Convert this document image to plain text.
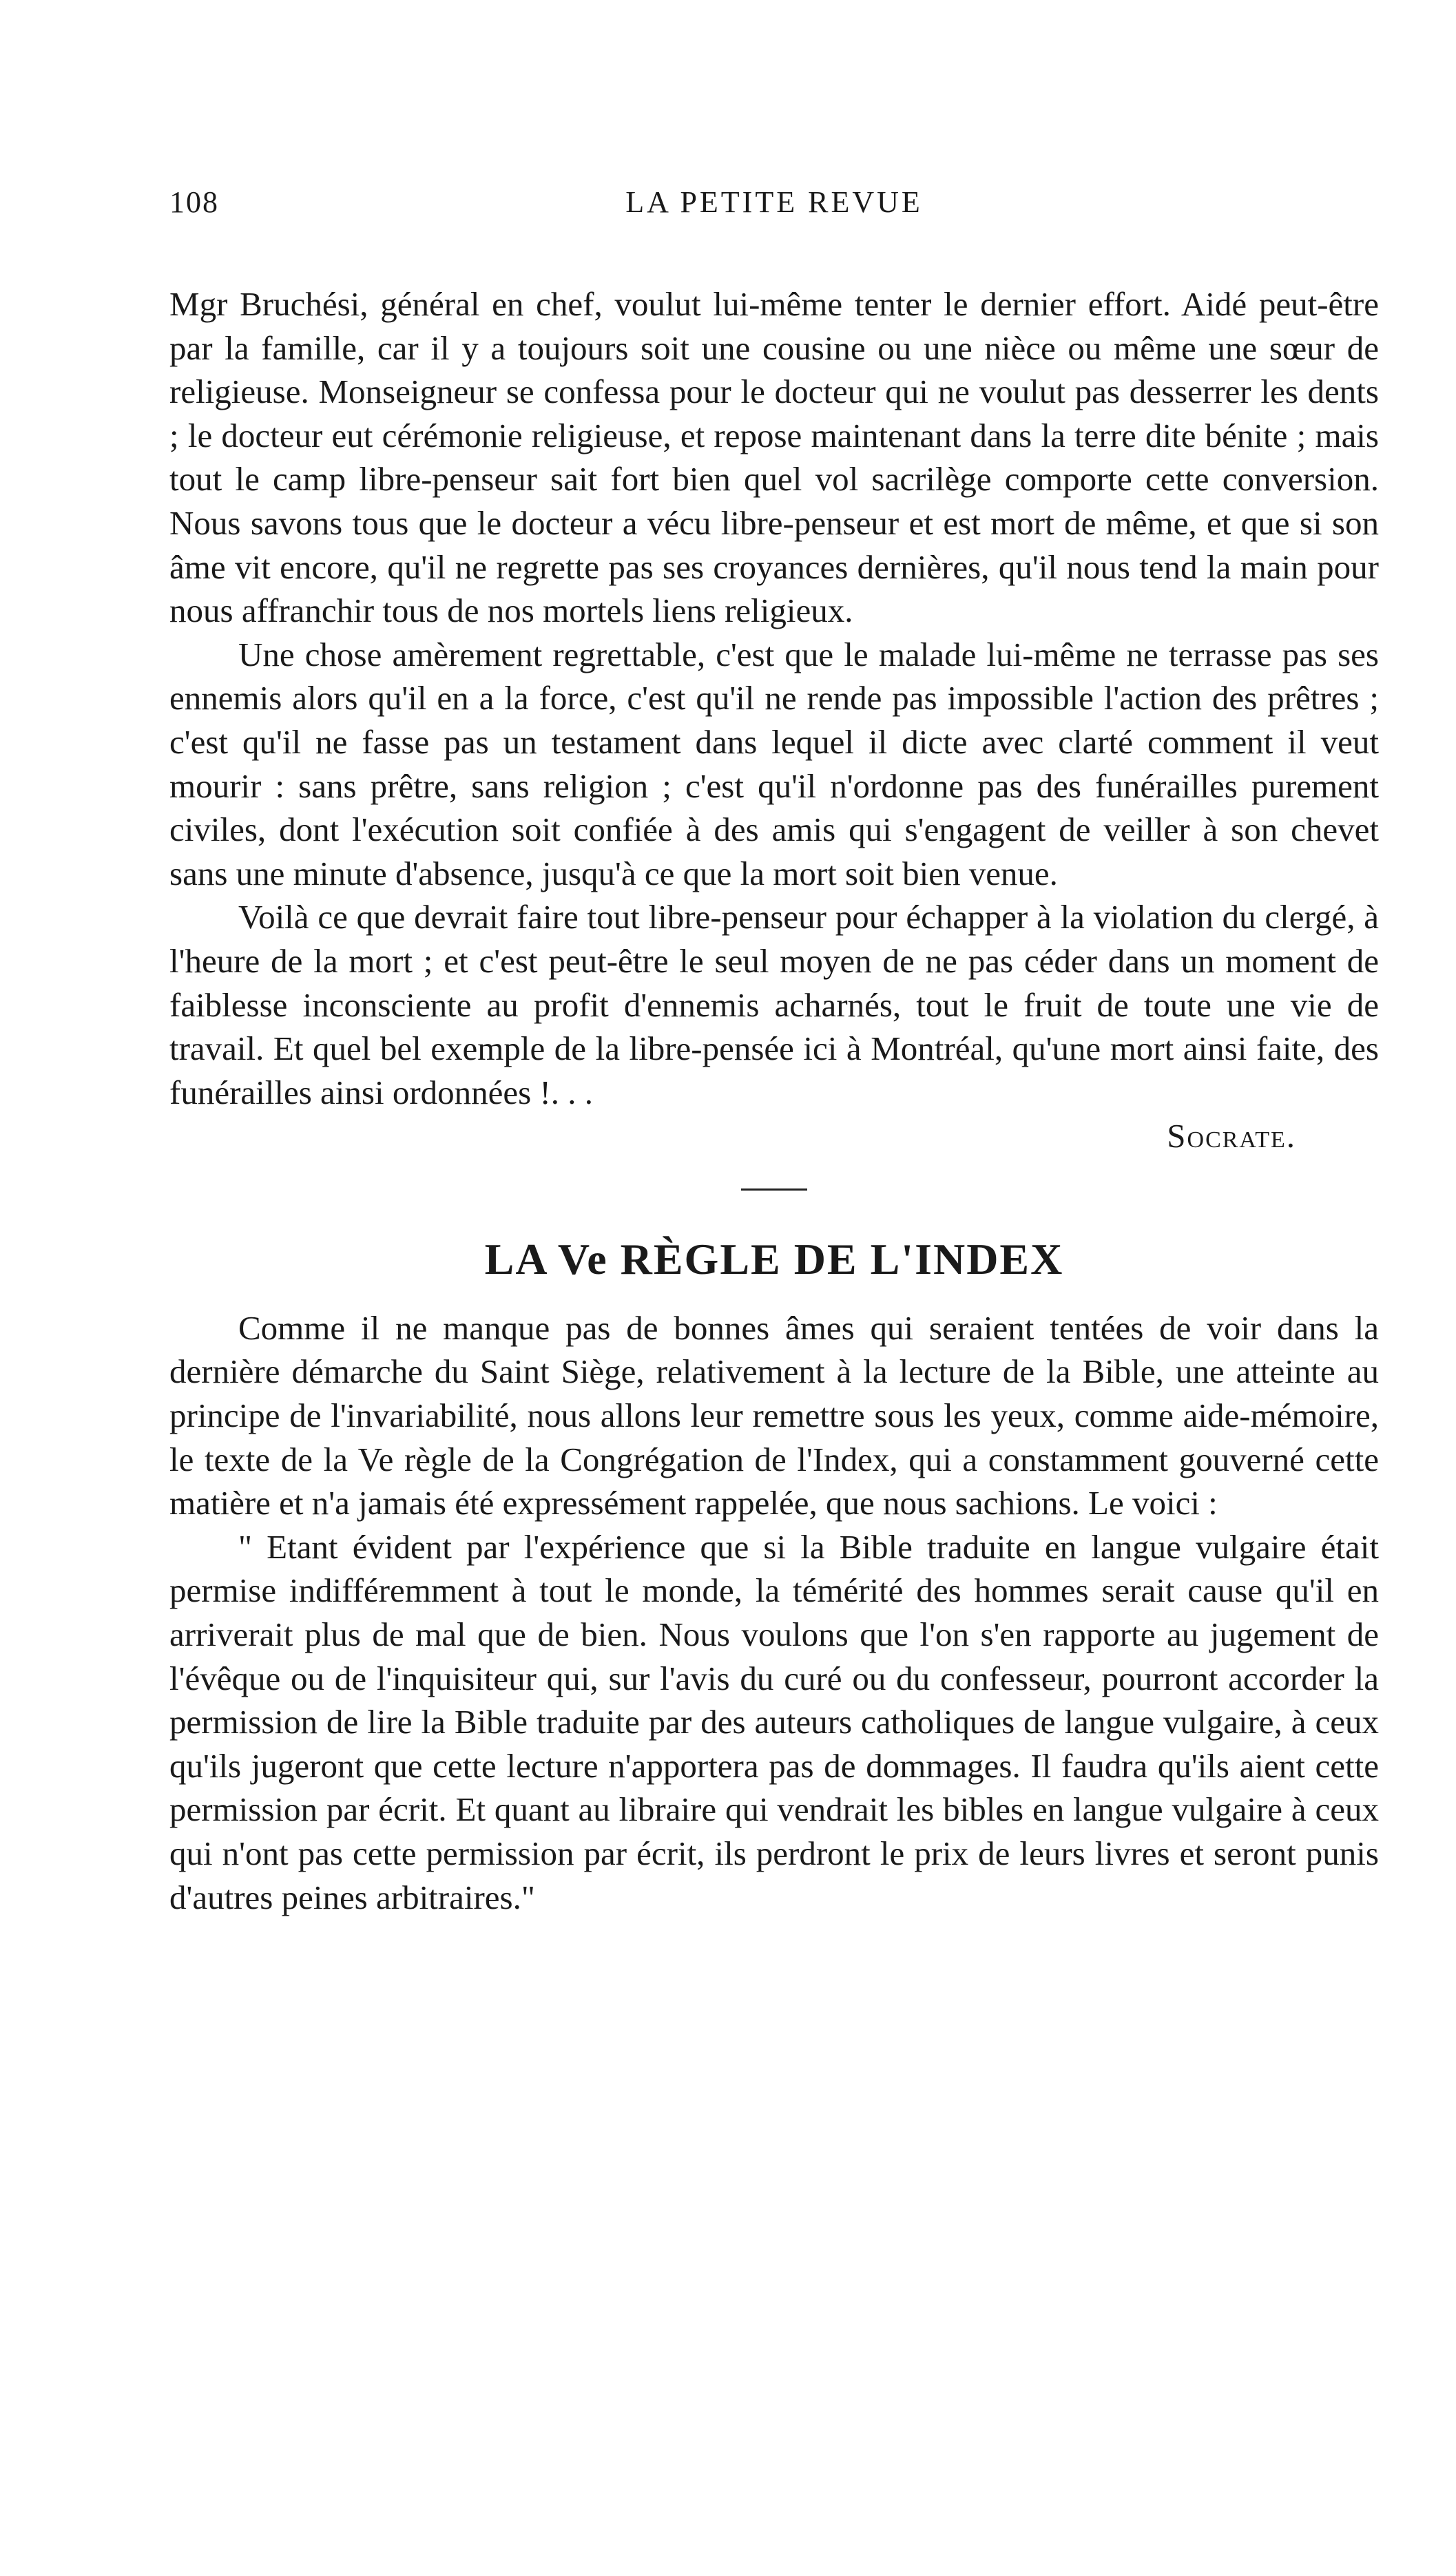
108	LA PETITE REVUE

Mgr Bruchési, général en chef, voulut lui-même tenter le dernier effort. Aidé peut-être par la famille, car il y a toujours soit une cousine ou une nièce ou même une sœur de religieuse. Monseigneur se confessa pour le docteur qui ne voulut pas desserrer les dents ; le docteur eut cérémonie religieuse, et repose maintenant dans la terre dite bénite ; mais tout le camp libre-penseur sait fort bien quel vol sacrilège comporte cette conversion. Nous savons tous que le docteur a vécu libre-penseur et est mort de même, et que si son âme vit encore, qu'il ne regrette pas ses croyances dernières, qu'il nous tend la main pour nous affranchir tous de nos mortels liens religieux.

Une chose amèrement regrettable, c'est que le malade lui-même ne terrasse pas ses ennemis alors qu'il en a la force, c'est qu'il ne rende pas impossible l'action des prêtres ; c'est qu'il ne fasse pas un testament dans lequel il dicte avec clarté comment il veut mourir : sans prêtre, sans religion ; c'est qu'il n'ordonne pas des funérailles purement civiles, dont l'exécution soit confiée à des amis qui s'engagent de veiller à son chevet sans une minute d'absence, jusqu'à ce que la mort soit bien venue.

Voilà ce que devrait faire tout libre-penseur pour échapper à la violation du clergé, à l'heure de la mort ; et c'est peut-être le seul moyen de ne pas céder dans un moment de faiblesse inconsciente au profit d'ennemis acharnés, tout le fruit de toute une vie de travail. Et quel bel exemple de la libre-pensée ici à Montréal, qu'une mort ainsi faite, des funérailles ainsi ordonnées !. . .

Socrate.

LA Ve RÈGLE DE L'INDEX

Comme il ne manque pas de bonnes âmes qui seraient tentées de voir dans la dernière démarche du Saint Siège, relativement à la lecture de la Bible, une atteinte au principe de l'invariabilité, nous allons leur remettre sous les yeux, comme aide-mémoire, le texte de la Ve règle de la Congrégation de l'Index, qui a constamment gouverné cette matière et n'a jamais été expressément rappelée, que nous sachions. Le voici :

" Etant évident par l'expérience que si la Bible traduite en langue vulgaire était permise indifféremment à tout le monde, la témérité des hommes serait cause qu'il en arriverait plus de mal que de bien. Nous voulons que l'on s'en rapporte au jugement de l'évêque ou de l'inquisiteur qui, sur l'avis du curé ou du confesseur, pourront accorder la permission de lire la Bible traduite par des auteurs catholiques de langue vulgaire, à ceux qu'ils jugeront que cette lecture n'apportera pas de dommages. Il faudra qu'ils aient cette permission par écrit. Et quant au libraire qui vendrait les bibles en langue vulgaire à ceux qui n'ont pas cette permission par écrit, ils perdront le prix de leurs livres et seront punis d'autres peines arbitraires."
